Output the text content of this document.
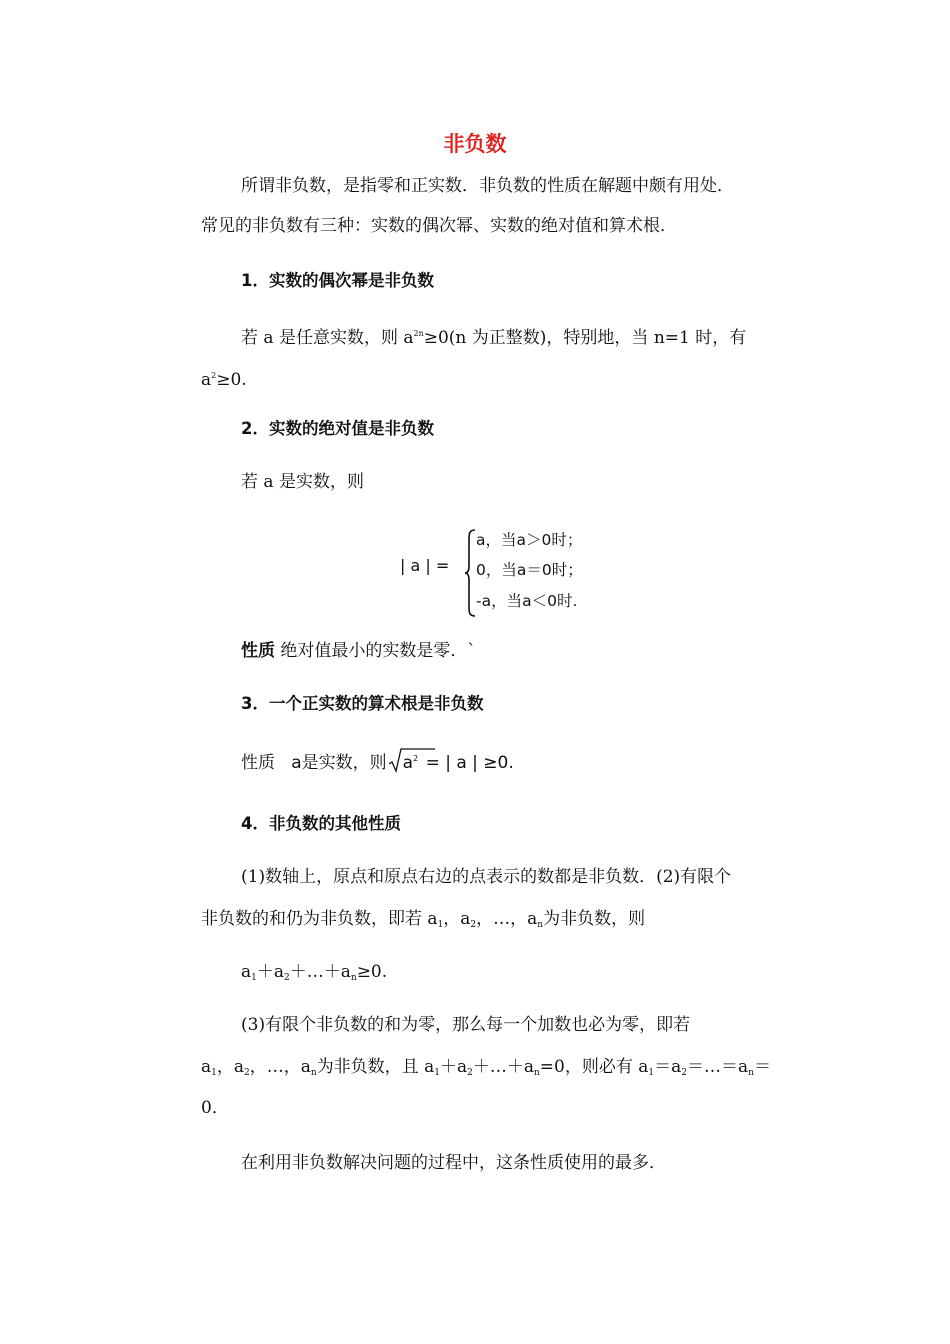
非负数
所谓非负数，是指零和正实数．非负数的性质在解题中颇有用处．
常见的非负数有三种：实数的偶次幂、实数的绝对值和算术根．
1．实数的偶次幂是非负数
若 a 是任意实数，则 $a^{2n}\ge 0(n$ 为正整数)，特别地，当 n=1 时，有
$a^2\ge 0$.
2．实数的绝对值是非负数
若 a 是实数，则
| a | =
a，当a＞0时；
0，当a＝0时；
-a，当a＜0时.
性质 绝对值最小的实数是零．`
3．一个正实数的算术根是非负数
性质 a是实数，则 $a^2$ = | a | ≥0.
4．非负数的其他性质
(1)数轴上，原点和原点右边的点表示的数都是非负数．(2)有限个
非负数的和仍为非负数，即若 $a_1$，$a_2$，…，$a_n$为非负数，则
$a_1+a_2+\dots+a_n\ge 0$.
(3)有限个非负数的和为零，那么每一个加数也必为零，即若
$a_1$，$a_2$，…，$a_n$为非负数，且 $a_1+a_2+\dots+a_n=0$，则必有 $a_1=a_2=\dots=a_n=$
0．
在利用非负数解决问题的过程中，这条性质使用的最多．
